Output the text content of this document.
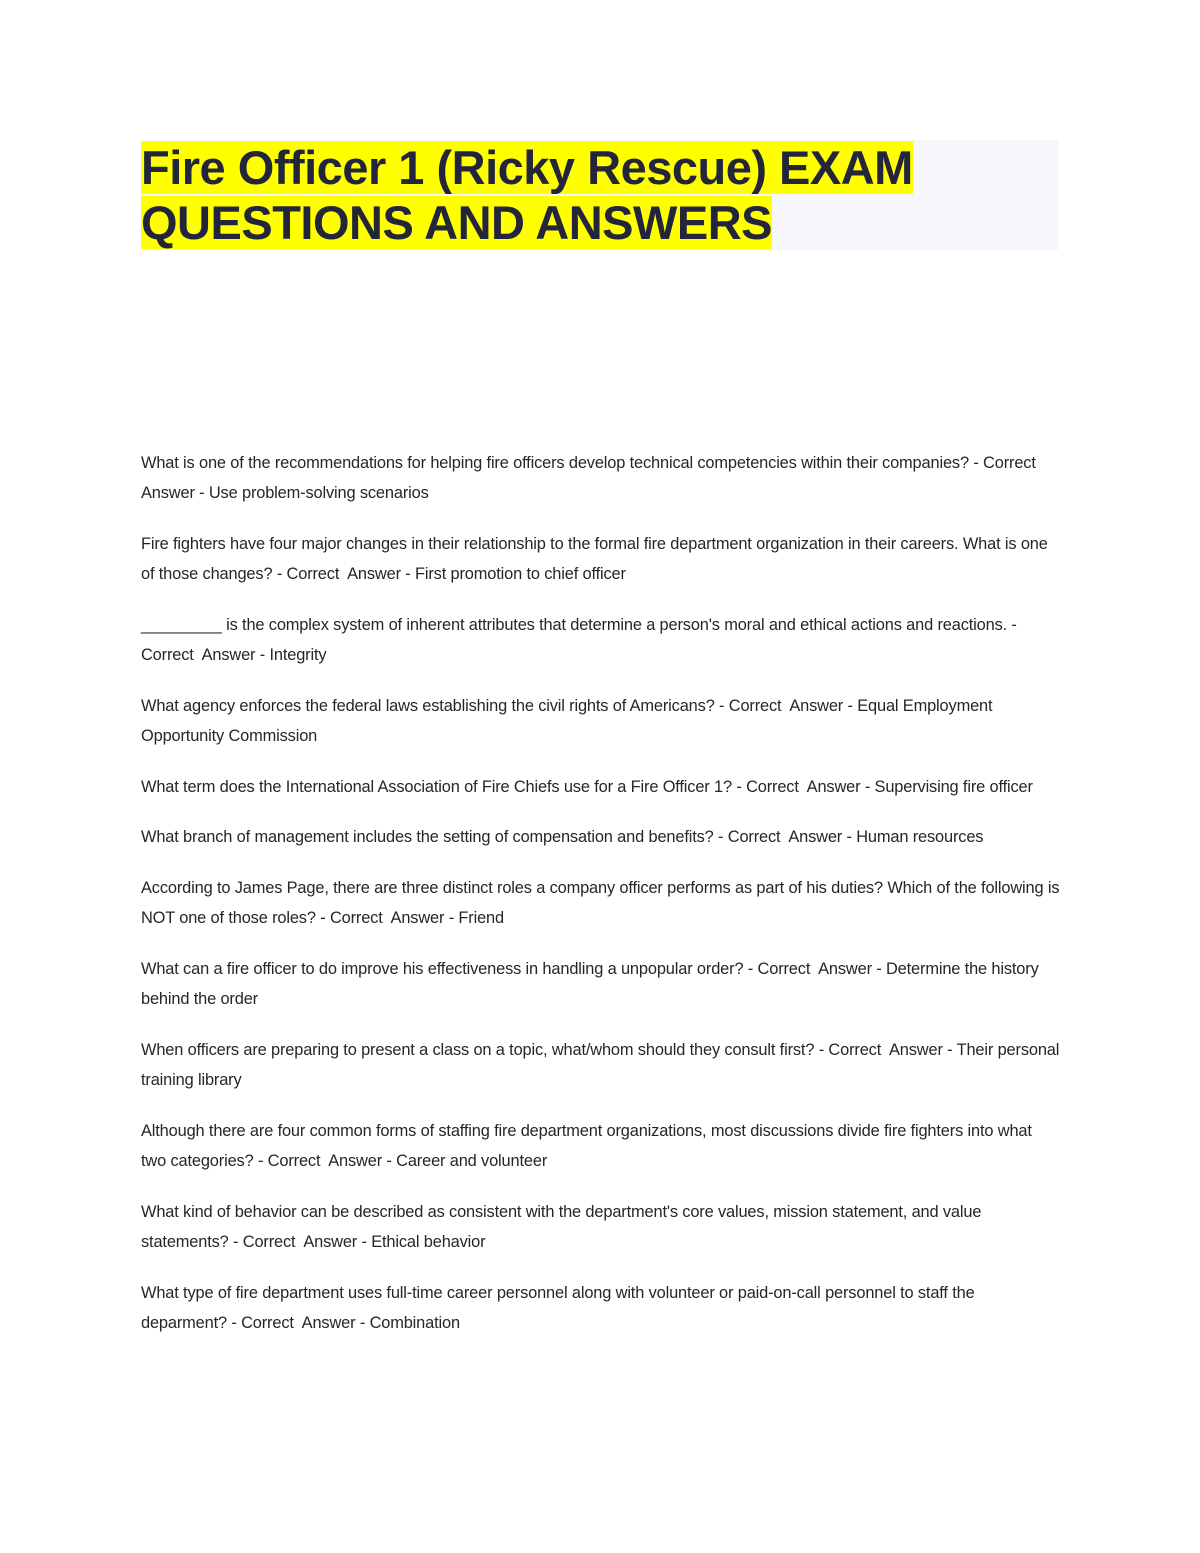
Fire Officer 1 (Ricky Rescue) EXAM QUESTIONS AND ANSWERS

What is one of the recommendations for helping fire officers develop technical competencies within their companies? - Correct  Answer - Use problem-solving scenarios

Fire fighters have four major changes in their relationship to the formal fire department organization in their careers. What is one of those changes? - Correct  Answer - First promotion to chief officer

_________ is the complex system of inherent attributes that determine a person's moral and ethical actions and reactions. - Correct  Answer - Integrity

What agency enforces the federal laws establishing the civil rights of Americans? - Correct  Answer - Equal Employment Opportunity Commission

What term does the International Association of Fire Chiefs use for a Fire Officer 1? - Correct  Answer - Supervising fire officer

What branch of management includes the setting of compensation and benefits? - Correct  Answer - Human resources

According to James Page, there are three distinct roles a company officer performs as part of his duties? Which of the following is NOT one of those roles? - Correct  Answer - Friend

What can a fire officer to do improve his effectiveness in handling a unpopular order? - Correct  Answer - Determine the history behind the order

When officers are preparing to present a class on a topic, what/whom should they consult first? - Correct  Answer - Their personal training library

Although there are four common forms of staffing fire department organizations, most discussions divide fire fighters into what two categories? - Correct  Answer - Career and volunteer

What kind of behavior can be described as consistent with the department's core values, mission statement, and value statements? - Correct  Answer - Ethical behavior

What type of fire department uses full-time career personnel along with volunteer or paid-on-call personnel to staff the deparment? - Correct  Answer - Combination
